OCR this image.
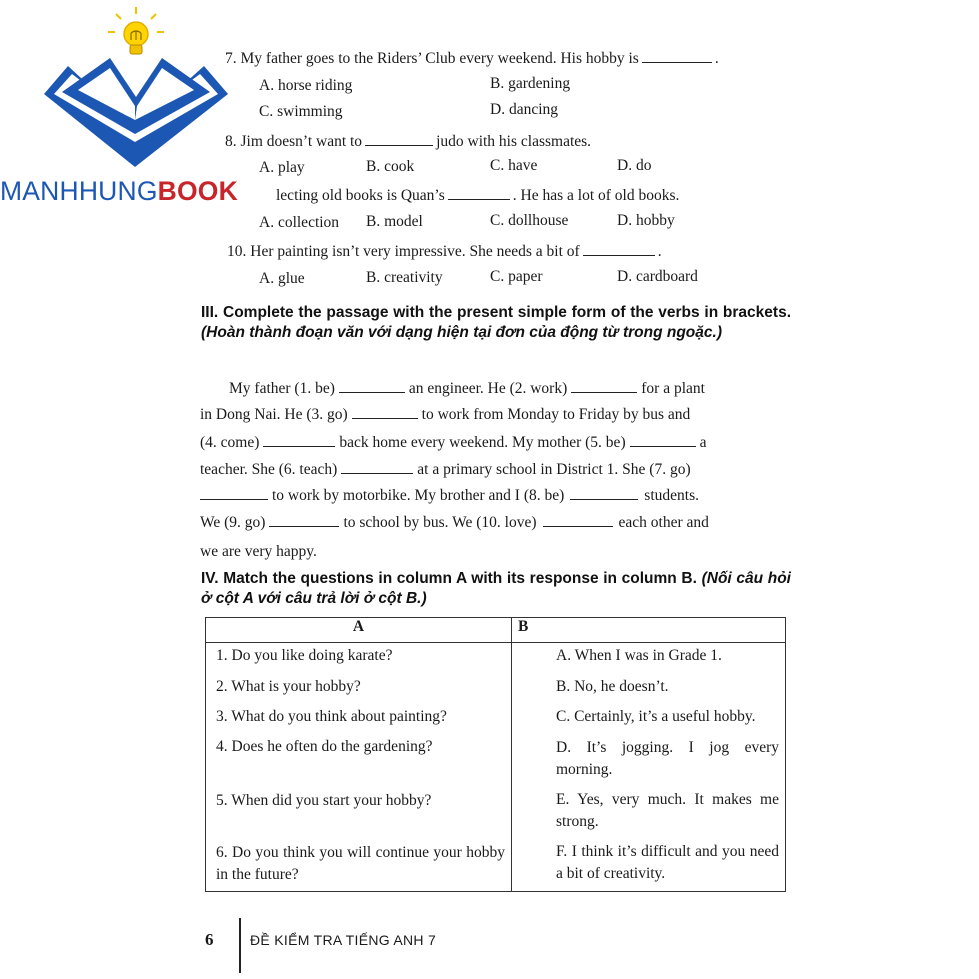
MANHHUNGBOOK
7. My father goes to the Riders’ Club every weekend. His hobby is	.
A. horse riding	B. gardening
C. swimming	D. dancing
8. Jim doesn’t want to	judo with his classmates.
A. play	B. cook	C. have	D. do
lecting old books is Quan’s	. He has a lot of old books.
A. collection B. model	C. dollhouse	D. hobby
10. Her painting isn’t very impressive. She needs a bit of	.
A. glue	B. creativity	C. paper	D. cardboard
III. Complete the passage with the present simple form of the verbs in brackets. (Hoàn thành đoạn văn với dạng hiện tại đơn của động từ trong ngoặc.)
My father (1. be)	an engineer. He (2. work)	for a plant
in Dong Nai. He (3. go)	to work from Monday to Friday by bus and
(4. come)	back home every weekend. My mother (5. be)	a
teacher. She (6. teach)	at a primary school in District 1. She (7. go)
to work by motorbike. My brother and I (8. be)	students.
We (9. go)	to school by bus. We (10. love)	each other and
we are very happy.
IV. Match the questions in column A with its response in column B. (Nối câu hỏi ở cột A với câu trả lời ở cột B.)
A	B
1. Do you like doing karate?	A. When I was in Grade 1.
2. What is your hobby?	B. No, he doesn’t.
3. What do you think about painting?	C. Certainly, it’s a useful hobby.
4. Does he often do the gardening?	D. It’s jogging. I jog every morning.
5. When did you start your hobby?	E. Yes, very much. It makes me strong.
6. Do you think you will continue your hobby in the future?	F. I think it’s difficult and you need a bit of creativity.
6	ĐỀ KIỂM TRA TIẾNG ANH 7
